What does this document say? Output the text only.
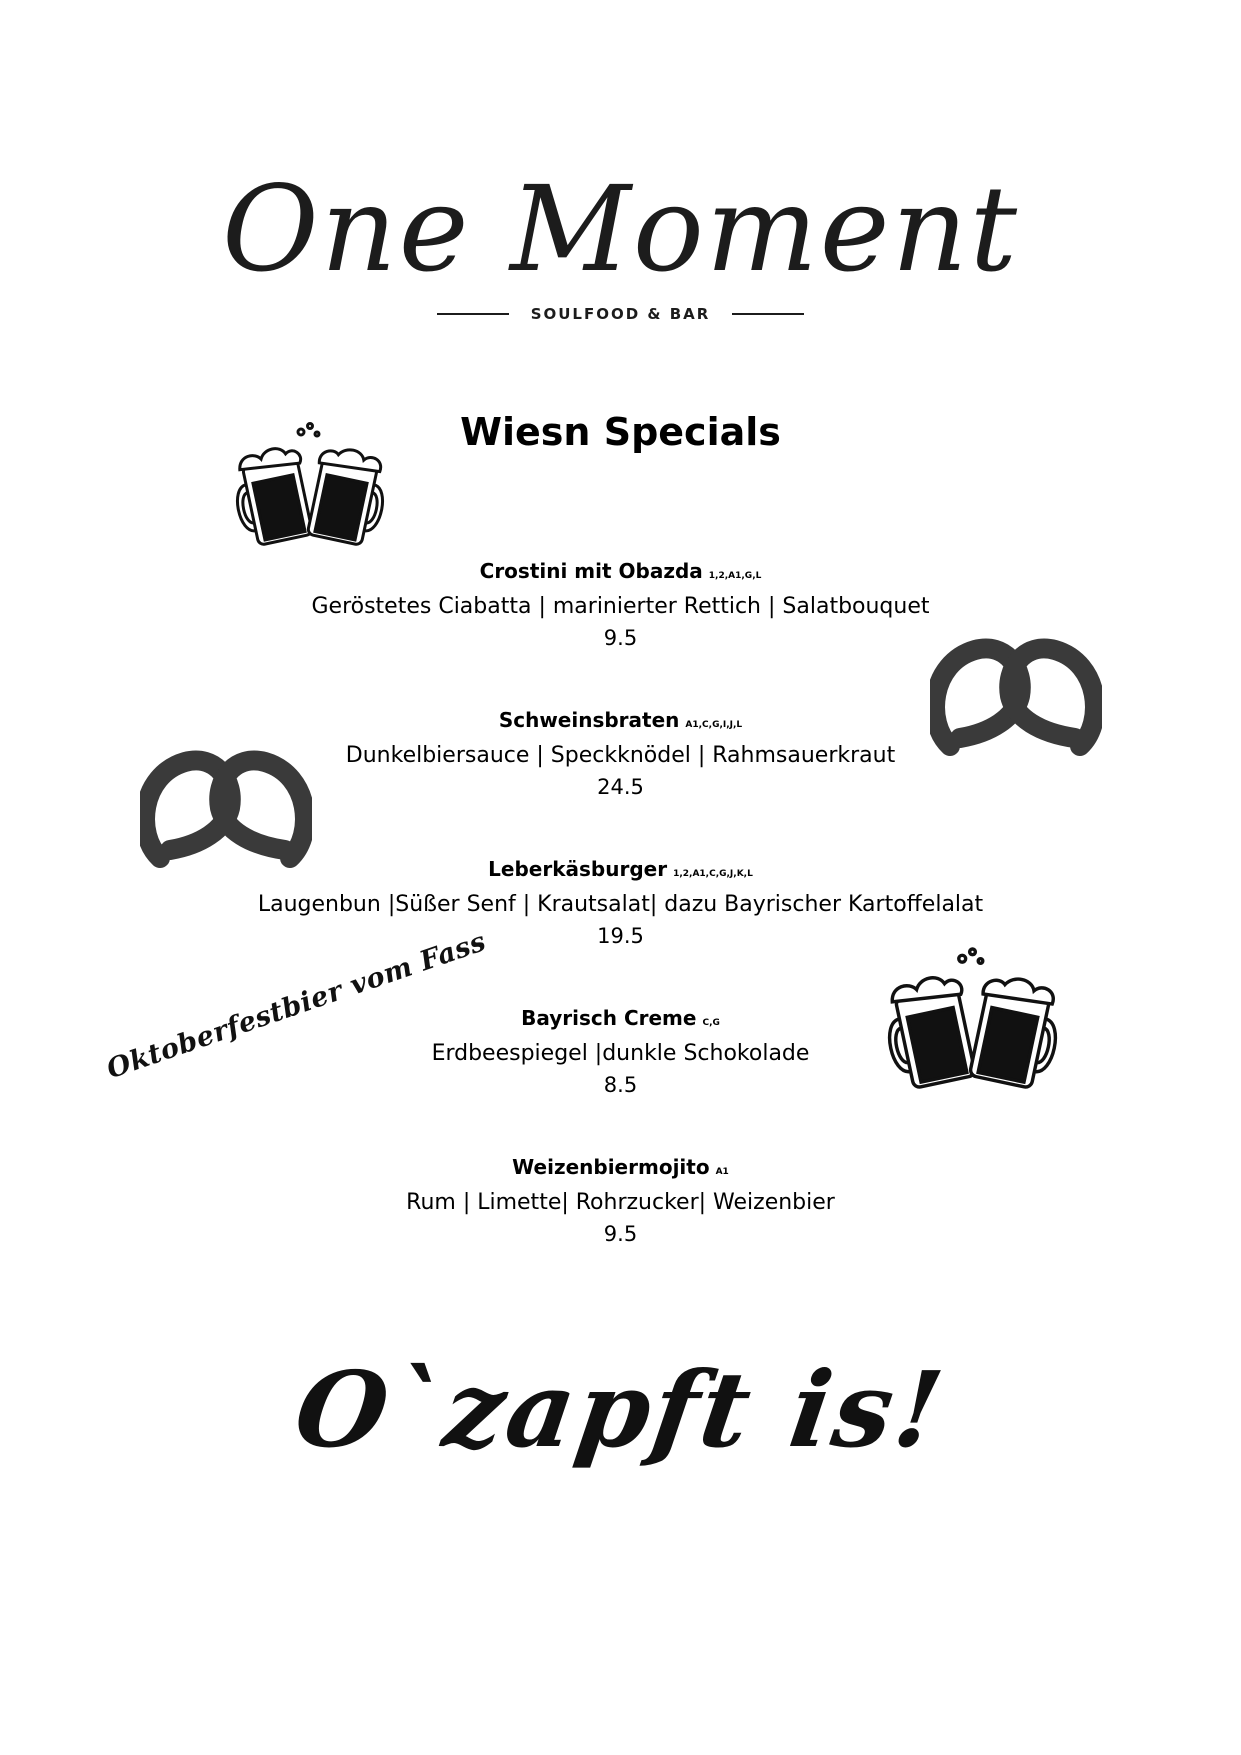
One Moment
SOULFOOD & BAR
Wiesn Specials
Crostini mit Obazda 1,2,A1,G,L
Geröstetes Ciabatta | marinierter Rettich | Salatbouquet
9.5
Schweinsbraten A1,C,G,I,J,L
Dunkelbiersauce | Speckknödel | Rahmsauerkraut
24.5
Leberkäsburger 1,2,A1,C,G,J,K,L
Laugenbun |Süßer Senf | Krautsalat| dazu Bayrischer Kartoffelalat
19.5
Bayrisch Creme C,G
Erdbeespiegel |dunkle Schokolade
8.5
Weizenbiermojito A1
Rum | Limette| Rohrzucker| Weizenbier
9.5
Oktoberfestbier vom Fass
O`zapft is!
